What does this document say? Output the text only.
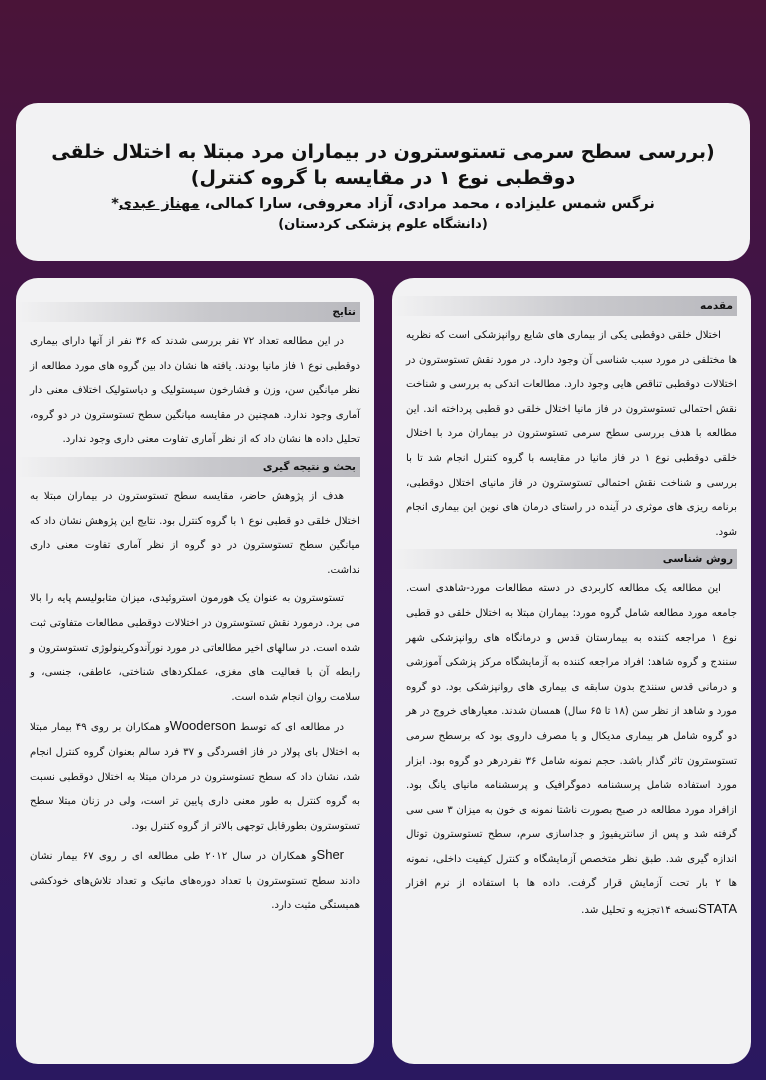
(بررسی سطح سرمی تستوسترون در بیماران مرد مبتلا به اختلال خلقی دوقطبی نوع ۱ در مقایسه با گروه کنترل)

نرگس شمس علیزاده ، محمد مرادی، آزاد معروفی، سارا کمالی، مهناز عبدی*
(دانشگاه علوم پزشکی کردستان)
مقدمه

اختلال خلقی دوقطبی یکی از بیماری های شایع روانپزشکی است که نظریه ها مختلفی در مورد سبب شناسی آن وجود دارد. در مورد نقش تستوسترون در اختلالات دوقطبی تناقص هایی وجود دارد. مطالعات اندکی به بررسی و شناخت نقش احتمالی تستوسترون در فاز مانیا اختلال خلقی دو قطبی پرداخته اند. این مطالعه با هدف بررسی سطح سرمی تستوسترون در بیماران مرد با اختلال خلقی دوقطبی نوع ۱ در فاز مانیا در مقایسه با گروه کنترل انجام شد تا با بررسی و شناخت نقش احتمالی تستوسترون در فاز مانیای اختلال دوقطبی، برنامه ریزی های موثری در آینده در راستای درمان های نوین این بیماری انجام شود.

روش شناسی

این مطالعه یک مطالعه کاربردی در دسته مطالعات مورد-شاهدی است. جامعه مورد مطالعه شامل گروه مورد: بیماران مبتلا به اختلال خلقی دو قطبی نوع ۱ مراجعه کننده به بیمارستان قدس و درمانگاه های روانپزشکی شهر سنندج و گروه شاهد: افراد مراجعه کننده به آزمایشگاه مرکز پزشکی آموزشی و درمانی قدس سنندج بدون سابقه ی بیماری های روانپزشکی بود. دو گروه مورد و شاهد از نظر سن (۱۸ تا ۶۵ سال) همسان شدند. معیارهای خروج در هر دو گروه شامل هر بیماری مدیکال و یا مصرف داروی بود که برسطح سرمی تستوسترون تاثر گذار باشد. حجم نمونه شامل ۳۶ نفردرهر دو گروه بود. ابزار مورد استفاده شامل پرسشنامه دموگرافیک و پرسشنامه مانیای یانگ بود. ازافراد مورد مطالعه در صبح بصورت ناشتا نمونه ی خون به میزان ۳ سی سی گرفته شد و پس از سانتریفیوژ و جداسازی سرم، سطح تستوسترون توتال اندازه گیری شد. طبق نظر متخصص آزمایشگاه و کنترل کیفیت داخلی، نمونه ها ۲ بار تحت آزمایش قرار گرفت. داده ها با استفاده از نرم افزار STATAنسخه ۱۴تجزیه و تحلیل شد.

نتایج

در این مطالعه تعداد ۷۲ نفر بررسی شدند که ۳۶ نفر از آنها دارای بیماری دوقطبی نوع ۱ فاز مانیا بودند. یافته ها نشان داد بین گروه های مورد مطالعه از نظر میانگین سن، وزن و فشارخون سیستولیک و دیاستولیک اختلاف معنی دار آماری وجود ندارد. همچنین در مقایسه میانگین سطح تستوسترون در دو گروه، تحلیل داده ها نشان داد که از نظر آماری تفاوت معنی داری وجود ندارد.

بحث و نتیجه گیری

هدف از پژوهش حاضر، مقایسه سطح تستوسترون در بیماران مبتلا به اختلال خلقی دو قطبی نوع ۱ با گروه کنترل بود. نتایج این پژوهش نشان داد که میانگین سطح تستوسترون در دو گروه از نظر آماری تفاوت معنی داری نداشت.

تستوسترون به عنوان یک هورمون استروئیدی، میزان متابولیسم پایه را بالا می برد. درمورد نقش تستوسترون در اختلالات دوقطبی مطالعات متفاوتی ثبت شده است. در سالهای اخیر مطالعاتی در مورد نورآندوکرینولوژی تستوسترون و رابطه آن با فعالیت های مغزی، عملکردهای شناختی، عاطفی، جنسی، و سلامت روان انجام شده است.

در مطالعه ای که توسط Woodersonو همکاران بر روی ۴۹ بیمار مبتلا به اختلال بای پولار در فاز افسردگی و ۳۷ فرد سالم بعنوان گروه کنترل انجام شد، نشان داد که سطح تستوسترون در مردان مبتلا به اختلال دوقطبی نسبت به گروه کنترل به طور معنی داری پایین تر است، ولی در زنان مبتلا سطح تستوسترون بطورقابل توجهی بالاتر از گروه کنترل بود.

Sherو همکاران در سال ۲۰۱۲ طی مطالعه ای ر روی ۶۷ بیمار نشان دادند سطح تستوسترون با تعداد دوره‌های مانیک و تعداد تلاش‌های خودکشی همبستگی مثبت دارد.
